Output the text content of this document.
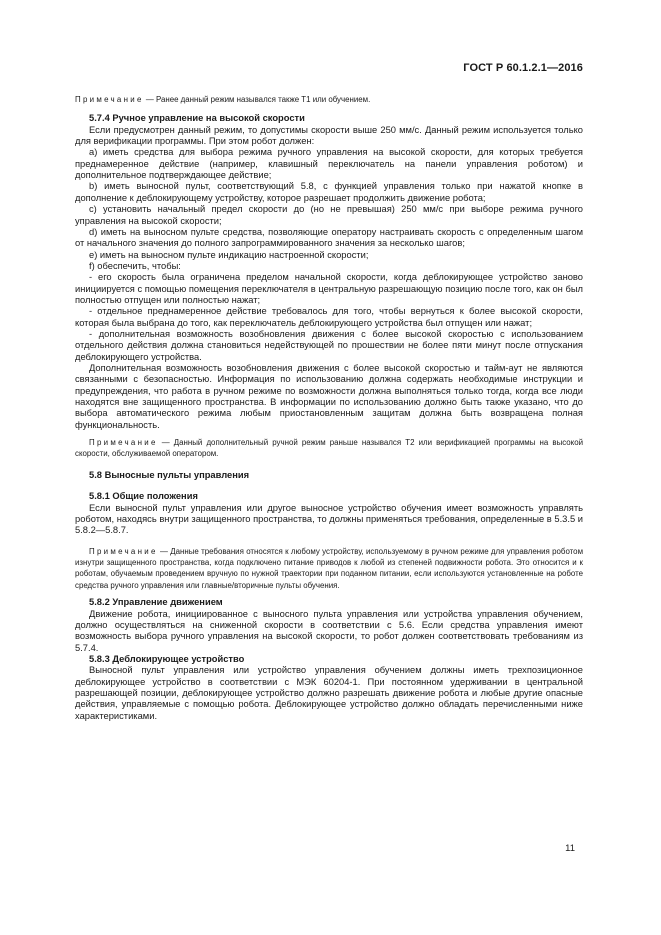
ГОСТ Р 60.1.2.1—2016

Примечание — Ранее данный режим назывался также Т1 или обучением.

5.7.4 Ручное управление на высокой скорости

Если предусмотрен данный режим, то допустимы скорости выше 250 мм/с. Данный режим используется только для верификации программы. При этом робот должен:

а) иметь средства для выбора режима ручного управления на высокой скорости, для которых требуется преднамеренное действие (например, клавишный переключатель на панели управления роботом) и дополнительное подтверждающее действие;

b) иметь выносной пульт, соответствующий 5.8, с функцией управления только при нажатой кнопке в дополнение к деблокирующему устройству, которое разрешает продолжить движение робота;

c) установить начальный предел скорости до (но не превышая) 250 мм/с при выборе режима ручного управления на высокой скорости;

d) иметь на выносном пульте средства, позволяющие оператору настраивать скорость с определенным шагом от начального значения до полного запрограммированного значения за несколько шагов;

e) иметь на выносном пульте индикацию настроенной скорости;

f) обеспечить, чтобы:

- его скорость была ограничена пределом начальной скорости, когда деблокирующее устройство заново инициируется с помощью помещения переключателя в центральную разрешающую позицию после того, как он был полностью отпущен или полностью нажат;

- отдельное преднамеренное действие требовалось для того, чтобы вернуться к более высокой скорости, которая была выбрана до того, как переключатель деблокирующего устройства был отпущен или нажат;

- дополнительная возможность возобновления движения с более высокой скоростью с использованием отдельного действия должна становиться недействующей по прошествии не более пяти минут после отпускания деблокирующего устройства.

Дополнительная возможность возобновления движения с более высокой скоростью и тайм-аут не являются связанными с безопасностью. Информация по использованию должна содержать необходимые инструкции и предупреждения, что работа в ручном режиме по возможности должна выполняться только тогда, когда все люди находятся вне защищенного пространства. В информации по использованию должно быть также указано, что до выбора автоматического режима любым приостановленным защитам должна быть возвращена полная функциональность.

Примечание — Данный дополнительный ручной режим раньше назывался Т2 или верификацией программы на высокой скорости, обслуживаемой оператором.

5.8 Выносные пульты управления

5.8.1 Общие положения

Если выносной пульт управления или другое выносное устройство обучения имеет возможность управлять роботом, находясь внутри защищенного пространства, то должны применяться требования, определенные в 5.3.5 и 5.8.2—5.8.7.

Примечание — Данные требования относятся к любому устройству, используемому в ручном режиме для управления роботом изнутри защищенного пространства, когда подключено питание приводов к любой из степеней подвижности робота. Это относится и к роботам, обучаемым проведением вручную по нужной траектории при поданном питании, если используются установленные на роботе средства ручного управления или главные/вторичные пульты обучения.

5.8.2 Управление движением

Движение робота, инициированное с выносного пульта управления или устройства управления обучением, должно осуществляться на сниженной скорости в соответствии с 5.6. Если средства управления имеют возможность выбора ручного управления на высокой скорости, то робот должен соответствовать требованиям из 5.7.4.

5.8.3 Деблокирующее устройство

Выносной пульт управления или устройство управления обучением должны иметь трехпозиционное деблокирующее устройство в соответствии с МЭК 60204-1. При постоянном удерживании в центральной разрешающей позиции, деблокирующее устройство должно разрешать движение робота и любые другие опасные действия, управляемые с помощью робота. Деблокирующее устройство должно обладать перечисленными ниже характеристиками.

11
